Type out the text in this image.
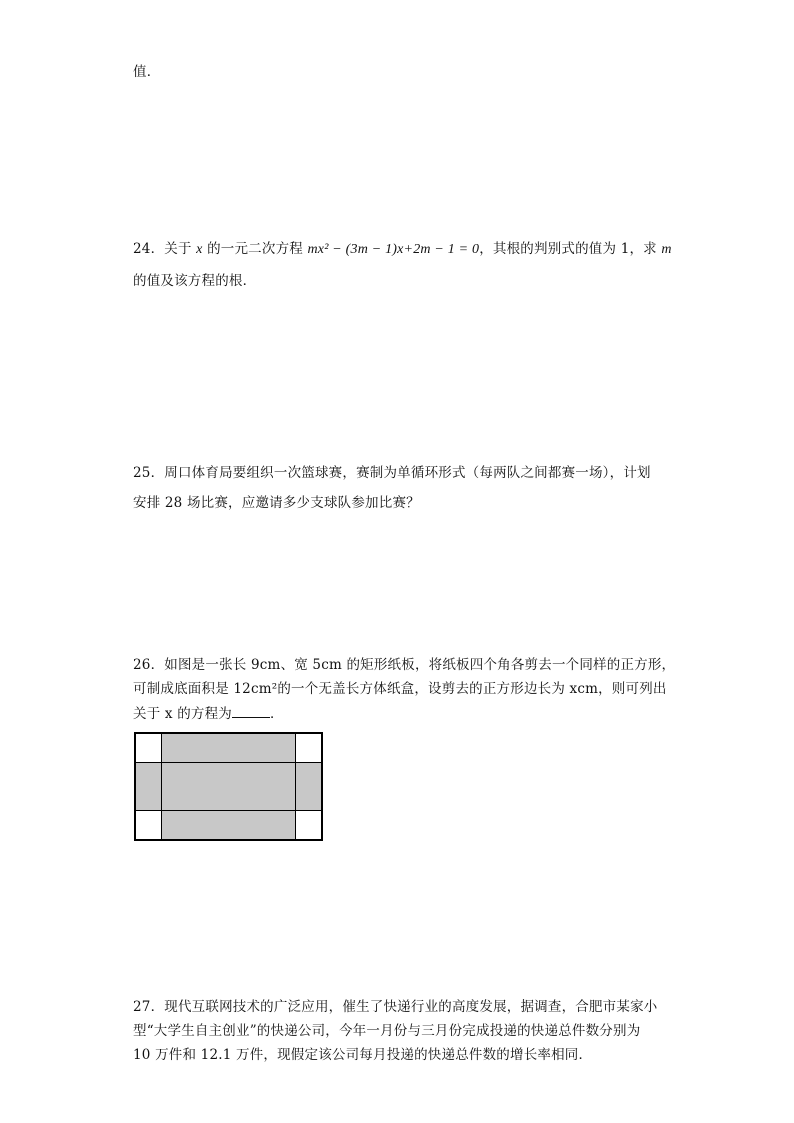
值．
24．关于 x 的一元二次方程 mx² − (3m − 1)x+2m − 1 = 0，其根的判别式的值为 1，求 m
的值及该方程的根．
25．周口体育局要组织一次篮球赛，赛制为单循环形式（每两队之间都赛一场），计划
安排 28 场比赛，应邀请多少支球队参加比赛？
26．如图是一张长 9cm、宽 5cm 的矩形纸板，将纸板四个角各剪去一个同样的正方形，
可制成底面积是 12cm²的一个无盖长方体纸盒，设剪去的正方形边长为 xcm，则可列出
关于 x 的方程为	．
27．现代互联网技术的广泛应用，催生了快递行业的高度发展，据调查，合肥市某家小
型“大学生自主创业”的快递公司，今年一月份与三月份完成投递的快递总件数分别为
10 万件和 12.1 万件，现假定该公司每月投递的快递总件数的增长率相同．
